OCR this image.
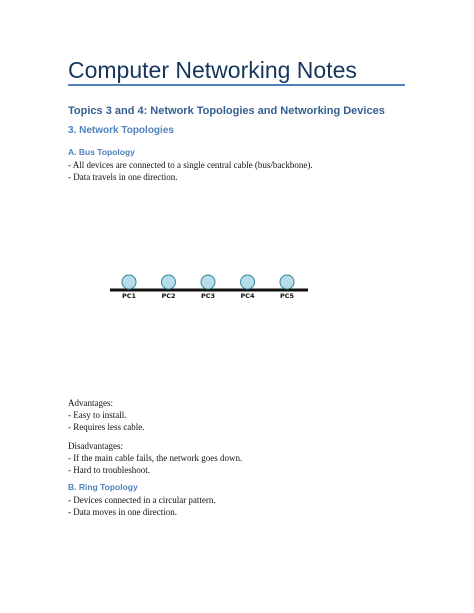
Computer Networking Notes
Topics 3 and 4: Network Topologies and Networking Devices
3. Network Topologies
A. Bus Topology
- All devices are connected to a single central cable (bus/backbone).
- Data travels in one direction.
PC1	PC2	PC3	PC4	PC5
Advantages:
- Easy to install.
- Requires less cable.
Disadvantages:
- If the main cable fails, the network goes down.
- Hard to troubleshoot.
B. Ring Topology
- Devices connected in a circular pattern.
- Data moves in one direction.
